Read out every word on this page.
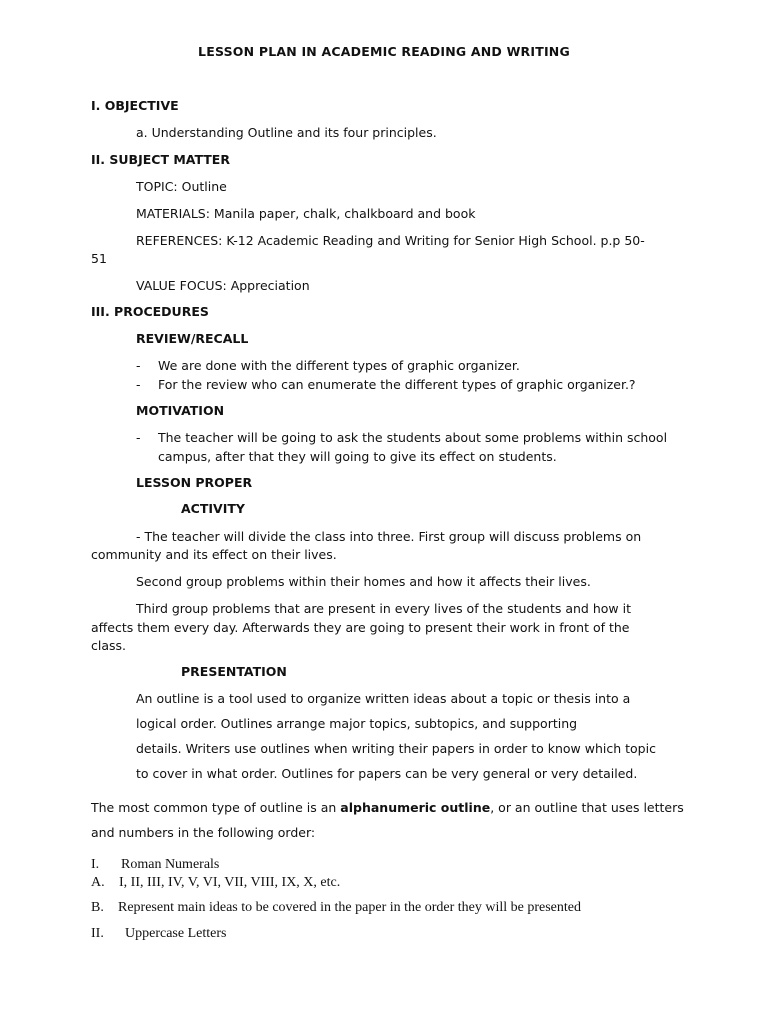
LESSON PLAN IN ACADEMIC READING AND WRITING
I. OBJECTIVE
a. Understanding Outline and its four principles.
II. SUBJECT MATTER
TOPIC: Outline
MATERIALS: Manila paper, chalk, chalkboard and book
REFERENCES: K-12 Academic Reading and Writing for Senior High School. p.p 50-
51
VALUE FOCUS: Appreciation
III. PROCEDURES
REVIEW/RECALL
- We are done with the different types of graphic organizer.
- For the review who can enumerate the different types of graphic organizer.?
MOTIVATION
- The teacher will be going to ask the students about some problems within school
campus, after that they will going to give its effect on students.
LESSON PROPER
ACTIVITY
- The teacher will divide the class into three. First group will discuss problems on
community and its effect on their lives.
Second group problems within their homes and how it affects their lives.
Third group problems that are present in every lives of the students and how it
affects them every day. Afterwards they are going to present their work in front of the
class.
PRESENTATION
An outline is a tool used to organize written ideas about a topic or thesis into a
logical order. Outlines arrange major topics, subtopics, and supporting
details. Writers use outlines when writing their papers in order to know which topic
to cover in what order. Outlines for papers can be very general or very detailed.
The most common type of outline is an alphanumeric outline, or an outline that uses letters
and numbers in the following order:
I. Roman Numerals
A. I, II, III, IV, V, VI, VII, VIII, IX, X, etc.
B. Represent main ideas to be covered in the paper in the order they will be presented
II. Uppercase Letters
